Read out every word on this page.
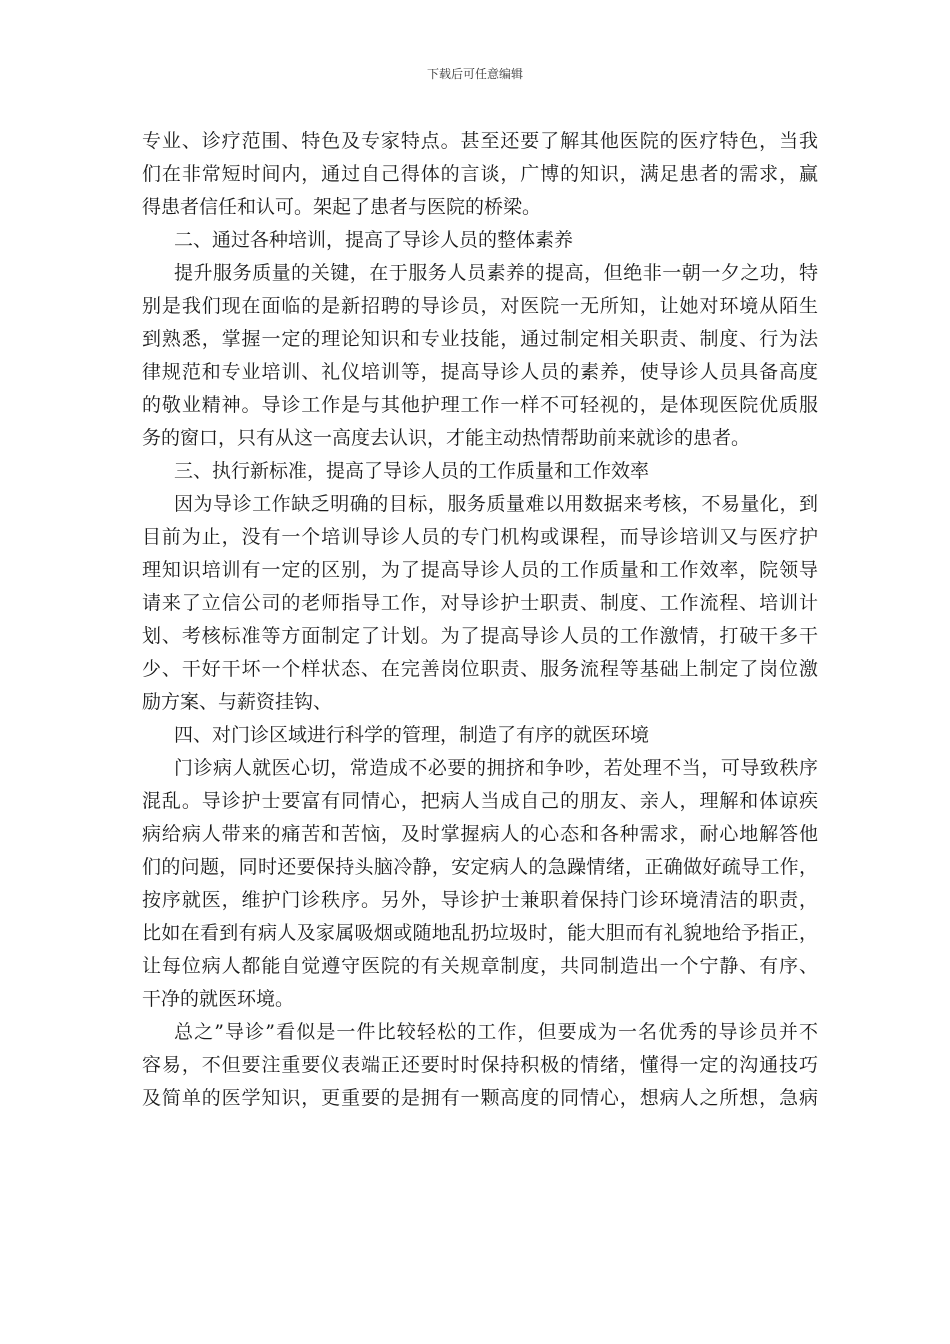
下载后可任意编辑
专业、诊疗范围、特色及专家特点。甚至还要了解其他医院的医疗特色，当我
们在非常短时间内，通过自己得体的言谈，广博的知识，满足患者的需求，赢
得患者信任和认可。架起了患者与医院的桥梁。
二、通过各种培训，提高了导诊人员的整体素养
提升服务质量的关键，在于服务人员素养的提高，但绝非一朝一夕之功，特
别是我们现在面临的是新招聘的导诊员，对医院一无所知，让她对环境从陌生
到熟悉，掌握一定的理论知识和专业技能，通过制定相关职责、制度、行为法
律规范和专业培训、礼仪培训等，提高导诊人员的素养，使导诊人员具备高度
的敬业精神。导诊工作是与其他护理工作一样不可轻视的，是体现医院优质服
务的窗口，只有从这一高度去认识，才能主动热情帮助前来就诊的患者。
三、执行新标准，提高了导诊人员的工作质量和工作效率
因为导诊工作缺乏明确的目标，服务质量难以用数据来考核，不易量化，到
目前为止，没有一个培训导诊人员的专门机构或课程，而导诊培训又与医疗护
理知识培训有一定的区别，为了提高导诊人员的工作质量和工作效率，院领导
请来了立信公司的老师指导工作，对导诊护士职责、制度、工作流程、培训计
划、考核标准等方面制定了计划。为了提高导诊人员的工作激情，打破干多干
少、干好干坏一个样状态、在完善岗位职责、服务流程等基础上制定了岗位激
励方案、与薪资挂钩、
四、对门诊区域进行科学的管理，制造了有序的就医环境
门诊病人就医心切，常造成不必要的拥挤和争吵，若处理不当，可导致秩序
混乱。导诊护士要富有同情心，把病人当成自己的朋友、亲人，理解和体谅疾
病给病人带来的痛苦和苦恼，及时掌握病人的心态和各种需求，耐心地解答他
们的问题，同时还要保持头脑冷静，安定病人的急躁情绪，正确做好疏导工作，
按序就医，维护门诊秩序。另外，导诊护士兼职着保持门诊环境清洁的职责，
比如在看到有病人及家属吸烟或随地乱扔垃圾时，能大胆而有礼貌地给予指正，
让每位病人都能自觉遵守医院的有关规章制度，共同制造出一个宁静、有序、
干净的就医环境。
总之”导诊”看似是一件比较轻松的工作，但要成为一名优秀的导诊员并不
容易，不但要注重要仪表端正还要时时保持积极的情绪，懂得一定的沟通技巧
及简单的医学知识，更重要的是拥有一颗高度的同情心，想病人之所想，急病
